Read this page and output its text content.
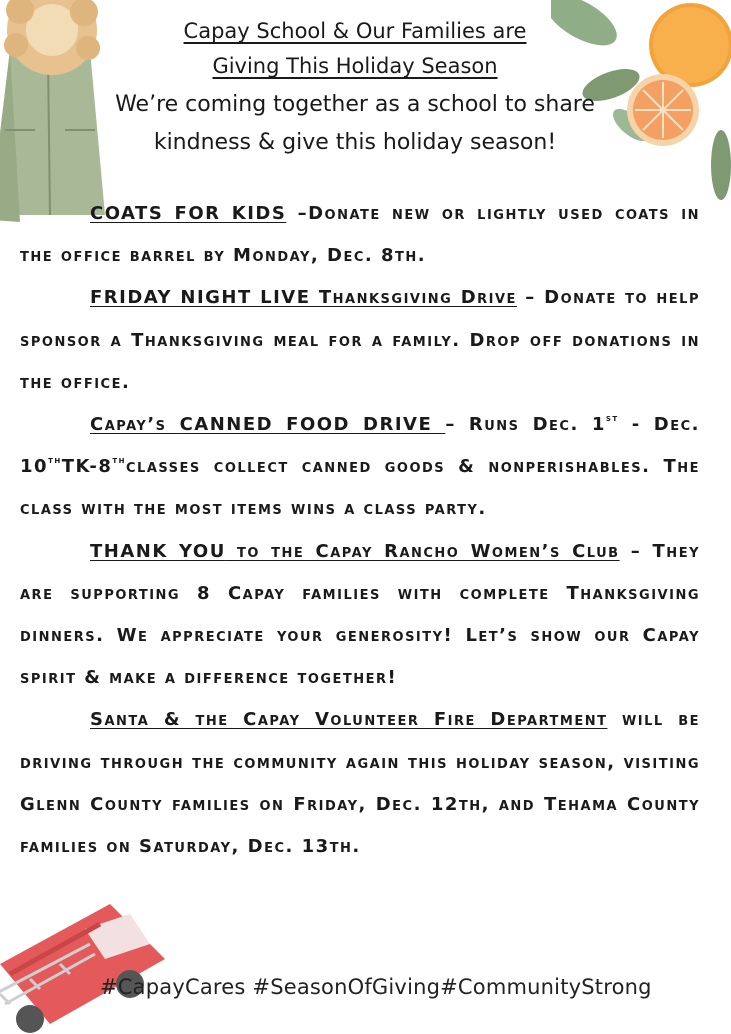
Capay School & Our Families are
Giving This Holiday Season
We’re coming together as a school to share
kindness & give this holiday season!

COATS FOR KIDS –Donate new or lightly used coats in the office barrel by Monday, Dec. 8th.

FRIDAY NIGHT LIVE Thanksgiving Drive – Donate to help sponsor a Thanksgiving meal for a family. Drop off donations in the office.

Capay’s CANNED FOOD DRIVE – Runs Dec. 1st - Dec. 10thTK-8thclasses collect canned goods & nonperishables. The class with the most items wins a class party.

THANK YOU to the Capay Rancho Women’s Club – They are supporting 8 Capay families with complete Thanksgiving dinners. We appreciate your generosity! Let’s show our Capay spirit & make a difference together!

Santa & the Capay Volunteer Fire Department will be driving through the community again this holiday season, visiting Glenn County families on Friday, Dec. 12th, and Tehama County families on Saturday, Dec. 13th.

#CapayCares #SeasonOfGiving#CommunityStrong
